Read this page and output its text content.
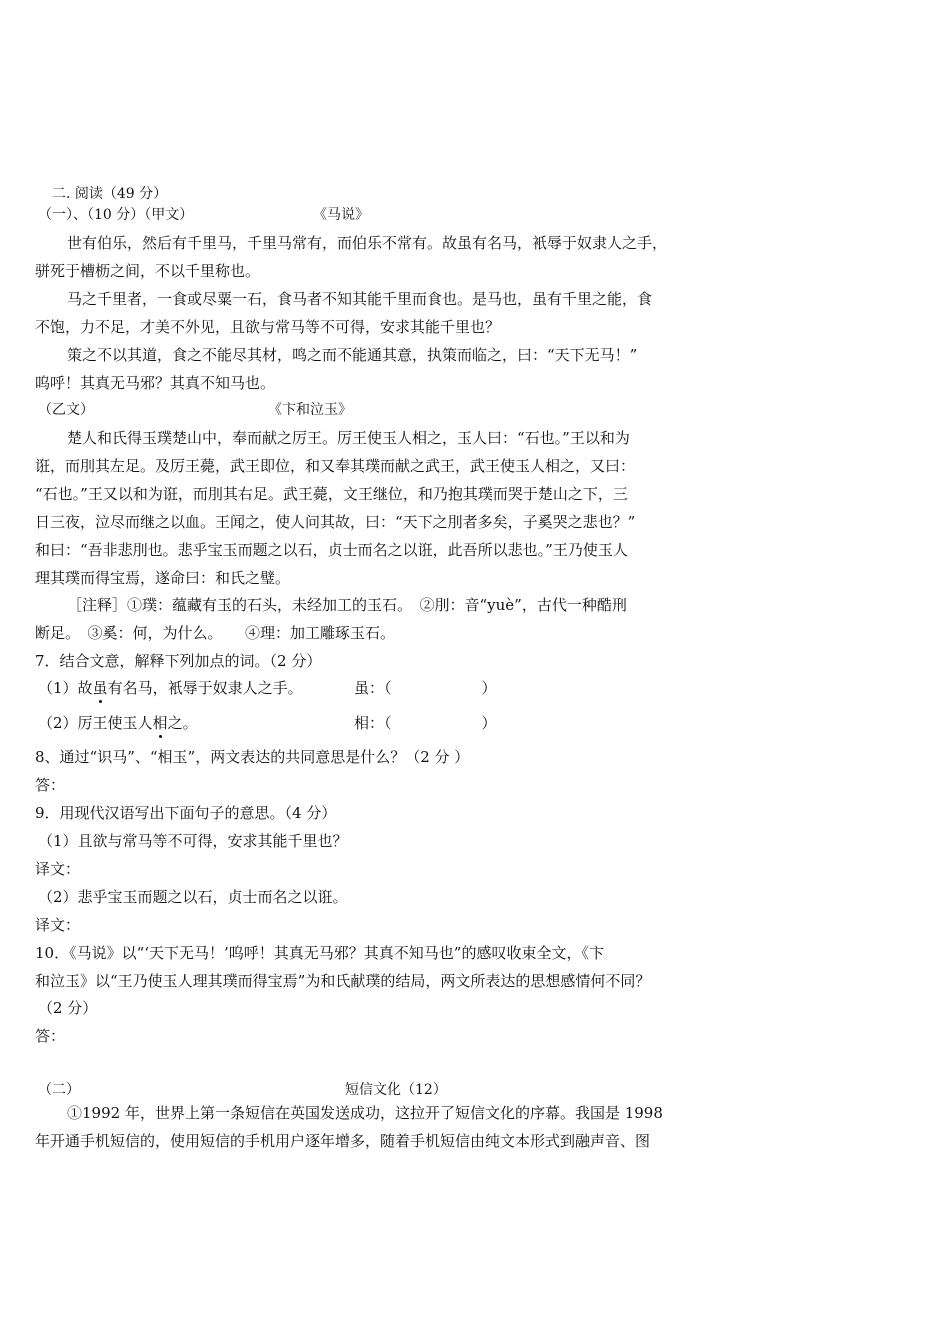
二. 阅读（49 分）
（一）、（10 分）（甲文）	《马说》
世有伯乐，然后有千里马，千里马常有，而伯乐不常有。故虽有名马，衹辱于奴隶人之手，
骈死于槽枥之间，不以千里称也。
马之千里者，一食或尽粟一石，食马者不知其能千里而食也。是马也，虽有千里之能，食
不饱，力不足，才美不外见，且欲与常马等不可得，安求其能千里也？
策之不以其道，食之不能尽其材，鸣之而不能通其意，执策而临之，曰：“天下无马！”
呜呼！其真无马邪？其真不知马也。
（乙文）	《卞和泣玉》
楚人和氏得玉璞楚山中，奉而献之厉王。厉王使玉人相之，玉人曰：“石也。”王以和为
诳，而刖其左足。及厉王薨，武王即位，和又奉其璞而献之武王，武王使玉人相之，又曰：
“石也。”王又以和为诳，而刖其右足。武王薨，文王继位，和乃抱其璞而哭于楚山之下，三
日三夜，泣尽而继之以血。王闻之，使人问其故，曰：“天下之刖者多矣，子奚哭之悲也？”
和曰：“吾非悲刖也。悲乎宝玉而题之以石，贞士而名之以诳，此吾所以悲也。”王乃使玉人
理其璞而得宝焉，遂命曰：和氏之璧。
［注释］①璞：蕴藏有玉的石头，未经加工的玉石。　②刖：音“yuè”，古代一种酷刑
断足。　③奚：何，为什么。　　④理：加工雕琢玉石。
7．结合文意，解释下列加点的词。（2 分）
（1）故虽有名马，衹辱于奴隶人之手。	虽：（　　　　　　）
（2）厉王使玉人相之。	相：（　　　　　　）
8、通过“识马”、“相玉”，两文表达的共同意思是什么？（2 分 ）
答：
9．用现代汉语写出下面句子的意思。（4 分）
（1）且欲与常马等不可得，安求其能千里也？
译文：
（2）悲乎宝玉而题之以石，贞士而名之以诳。
译文：
10．《马说》以“‘天下无马！’呜呼！其真无马邪？其真不知马也”的感叹收束全文，《卞
和泣玉》以“王乃使玉人理其璞而得宝焉”为和氏献璞的结局，两文所表达的思想感情何不同？
（2 分）
答：
（二）	短信文化（12）
①1992 年，世界上第一条短信在英国发送成功，这拉开了短信文化的序幕。我国是 1998
年开通手机短信的，使用短信的手机用户逐年增多，随着手机短信由纯文本形式到融声音、图
